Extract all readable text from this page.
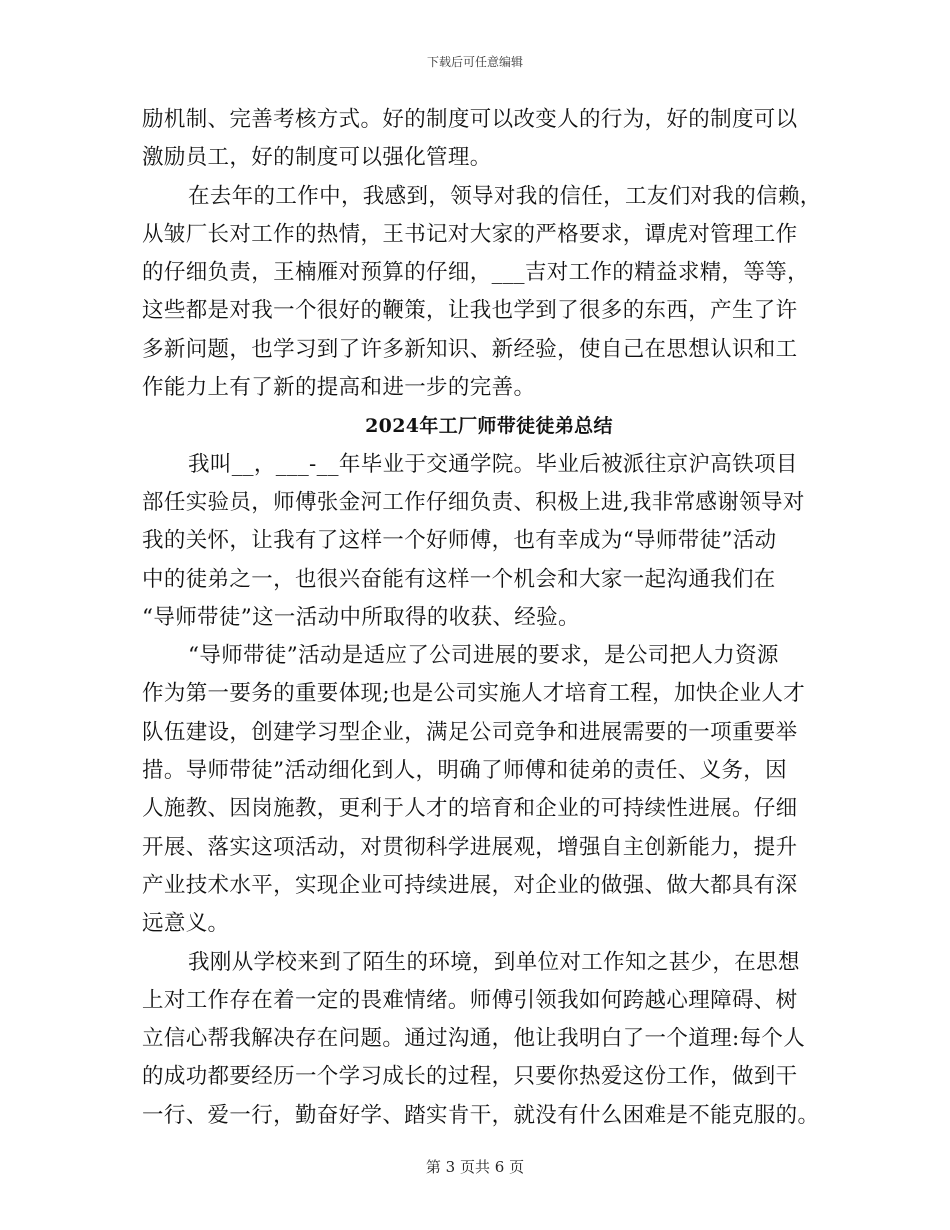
下载后可任意编辑
励机制、完善考核方式。好的制度可以改变人的行为，好的制度可以
激励员工，好的制度可以强化管理。
在去年的工作中，我感到，领导对我的信任，工友们对我的信赖，
从皱厂长对工作的热情，王书记对大家的严格要求，谭虎对管理工作
的仔细负责，王楠雁对预算的仔细，___吉对工作的精益求精，等等，
这些都是对我一个很好的鞭策，让我也学到了很多的东西，产生了许
多新问题，也学习到了许多新知识、新经验，使自己在思想认识和工
作能力上有了新的提高和进一步的完善。
2024年工厂师带徒徒弟总结
我叫__，___-__年毕业于交通学院。毕业后被派往京沪高铁项目
部任实验员，师傅张金河工作仔细负责、积极上进,我非常感谢领导对
我的关怀，让我有了这样一个好师傅，也有幸成为“导师带徒”活动
中的徒弟之一，也很兴奋能有这样一个机会和大家一起沟通我们在
“导师带徒”这一活动中所取得的收获、经验。
“导师带徒”活动是适应了公司进展的要求，是公司把人力资源
作为第一要务的重要体现;也是公司实施人才培育工程，加快企业人才
队伍建设，创建学习型企业，满足公司竞争和进展需要的一项重要举
措。导师带徒”活动细化到人，明确了师傅和徒弟的责任、义务，因
人施教、因岗施教，更利于人才的培育和企业的可持续性进展。仔细
开展、落实这项活动，对贯彻科学进展观，增强自主创新能力，提升
产业技术水平，实现企业可持续进展，对企业的做强、做大都具有深
远意义。
我刚从学校来到了陌生的环境，到单位对工作知之甚少，在思想
上对工作存在着一定的畏难情绪。师傅引领我如何跨越心理障碍、树
立信心帮我解决存在问题。通过沟通，他让我明白了一个道理:每个人
的成功都要经历一个学习成长的过程，只要你热爱这份工作，做到干
一行、爱一行，勤奋好学、踏实肯干，就没有什么困难是不能克服的。
第 3 页共 6 页
